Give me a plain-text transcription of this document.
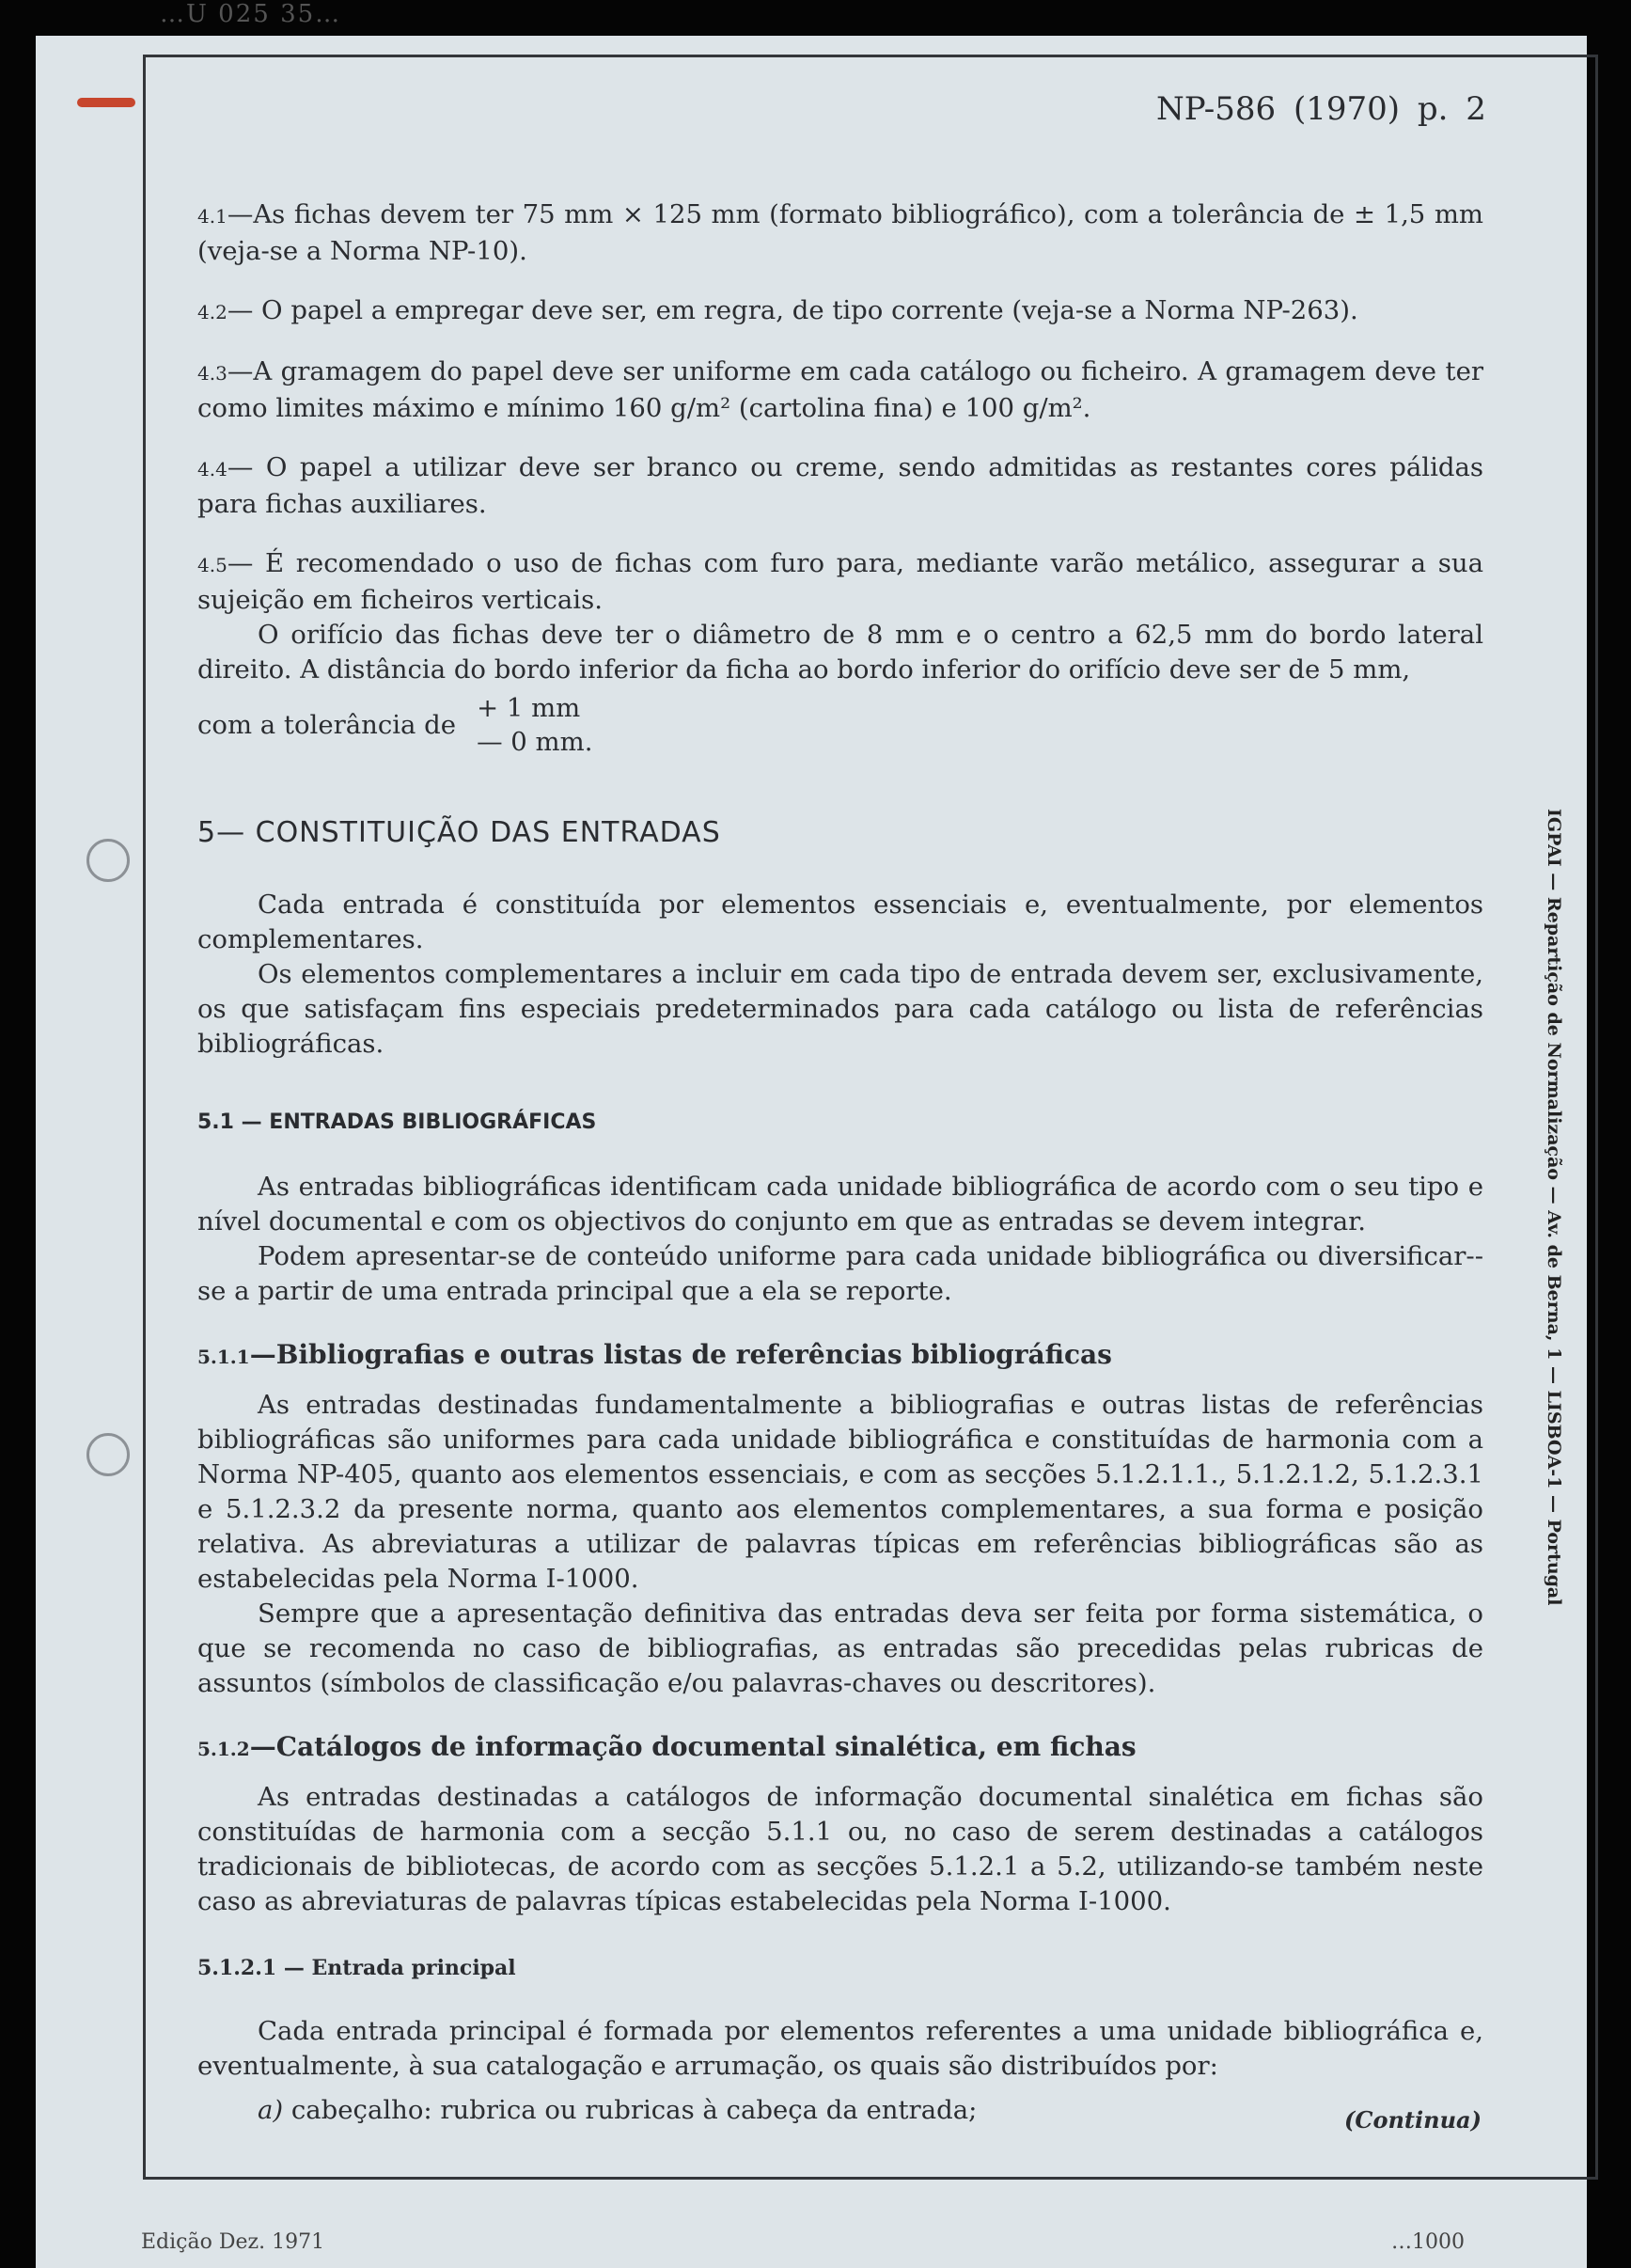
…U 025 35…
NP-586 (1970) p. 2
IGPAI — Repartição de Normalização — Av. de Berna, 1 — LISBOA-1 — Portugal

4.1—As fichas devem ter 75 mm × 125 mm (formato bibliográfico), com a tolerância de ± 1,5 mm (veja-se a Norma NP-10).

4.2— O papel a empregar deve ser, em regra, de tipo corrente (veja-se a Norma NP-263).

4.3—A gramagem do papel deve ser uniforme em cada catálogo ou ficheiro. A gramagem deve ter como limites máximo e mínimo 160 g/m² (cartolina fina) e 100 g/m².

4.4— O papel a utilizar deve ser branco ou creme, sendo admitidas as restantes cores pálidas para fichas auxiliares.

4.5— É recomendado o uso de fichas com furo para, mediante varão metálico, assegurar a sua sujeição em ficheiros verticais.

O orifício das fichas deve ter o diâmetro de 8 mm e o centro a 62,5 mm do bordo lateral direito. A distância do bordo inferior da ficha ao bordo inferior do orifício deve ser de 5 mm,

com a tolerância de
+ 1 mm
— 0 mm.

5— CONSTITUIÇÃO DAS ENTRADAS

Cada entrada é constituída por elementos essenciais e, eventualmente, por elementos complementares.

Os elementos complementares a incluir em cada tipo de entrada devem ser, exclusivamente, os que satisfaçam fins especiais predeterminados para cada catálogo ou lista de referências bibliográficas.

5.1 — ENTRADAS BIBLIOGRÁFICAS

As entradas bibliográficas identificam cada unidade bibliográfica de acordo com o seu tipo e nível documental e com os objectivos do conjunto em que as entradas se devem integrar.

Podem apresentar-se de conteúdo uniforme para cada unidade bibliográfica ou diversificar--se a partir de uma entrada principal que a ela se reporte.

5.1.1—Bibliografias e outras listas de referências bibliográficas

As entradas destinadas fundamentalmente a bibliografias e outras listas de referências bibliográficas são uniformes para cada unidade bibliográfica e constituídas de harmonia com a Norma NP-405, quanto aos elementos essenciais, e com as secções 5.1.2.1.1., 5.1.2.1.2, 5.1.2.3.1 e 5.1.2.3.2 da presente norma, quanto aos elementos complementares, a sua forma e posição relativa. As abreviaturas a utilizar de palavras típicas em referências bibliográficas são as estabelecidas pela Norma I-1000.

Sempre que a apresentação definitiva das entradas deva ser feita por forma sistemática, o que se recomenda no caso de bibliografias, as entradas são precedidas pelas rubricas de assuntos (símbolos de classificação e/ou palavras-chaves ou descritores).

5.1.2—Catálogos de informação documental sinalética, em fichas

As entradas destinadas a catálogos de informação documental sinalética em fichas são constituídas de harmonia com a secção 5.1.1 ou, no caso de serem destinadas a catálogos tradicionais de bibliotecas, de acordo com as secções 5.1.2.1 a 5.2, utilizando-se também neste caso as abreviaturas de palavras típicas estabelecidas pela Norma I-1000.

5.1.2.1 — Entrada principal

Cada entrada principal é formada por elementos referentes a uma unidade bibliográfica e, eventualmente, à sua catalogação e arrumação, os quais são distribuídos por:

a) cabeçalho: rubrica ou rubricas à cabeça da entrada;	(Continua)
Edição Dez. 1971	…1000
